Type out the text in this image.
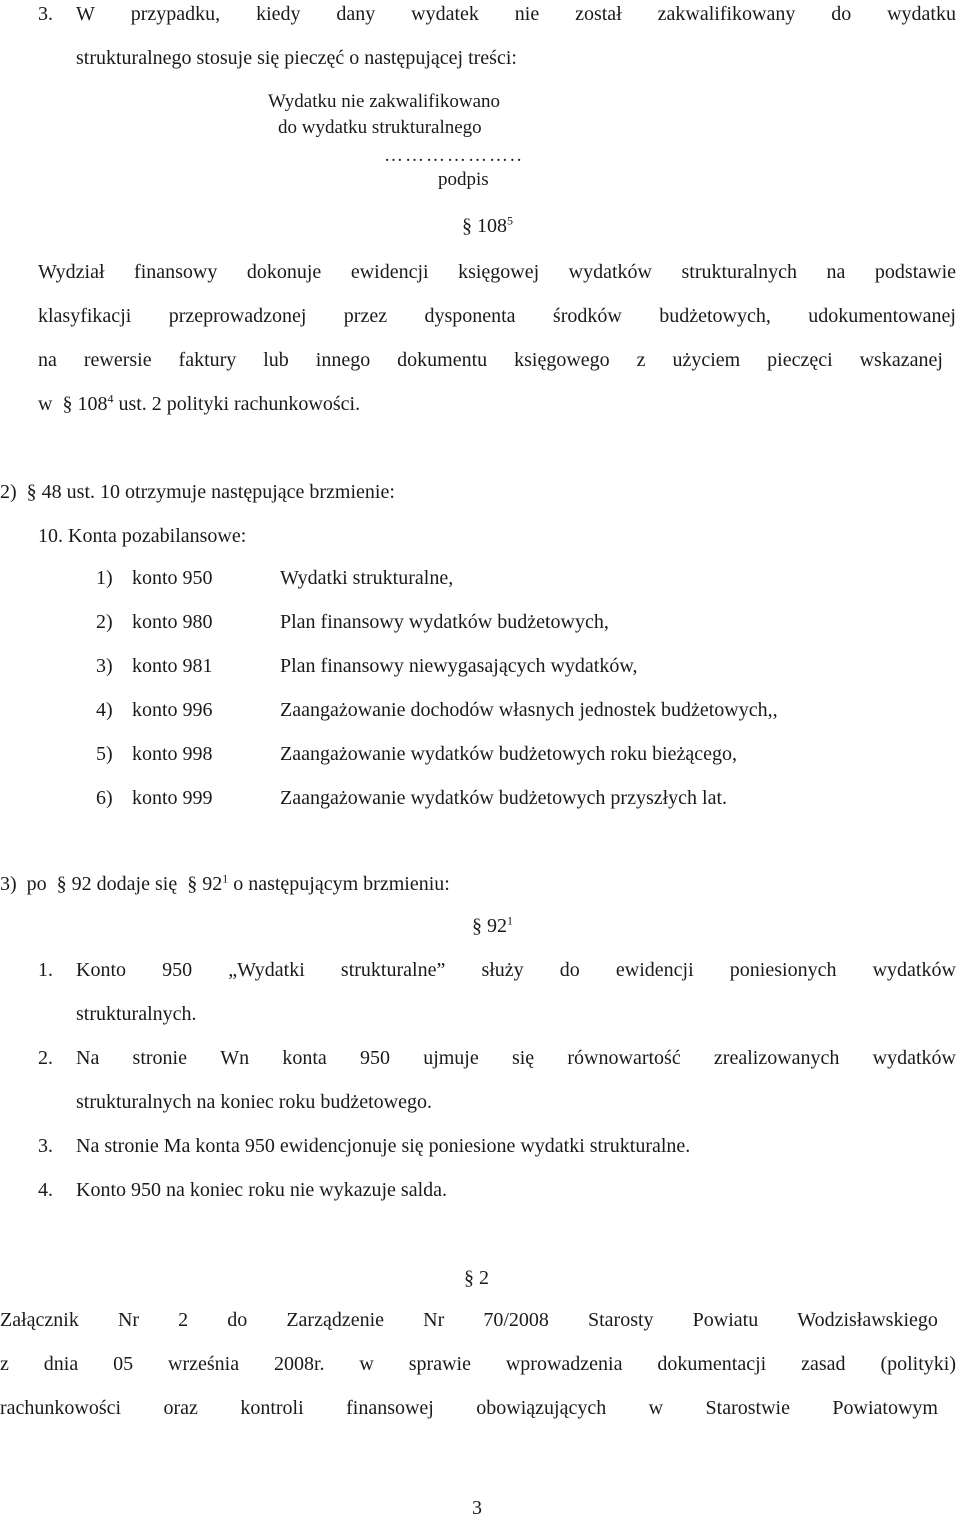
3. W przypadku, kiedy dany wydatek nie został zakwalifikowany do wydatku
strukturalnego stosuje się pieczęć o następującej treści:
Wydatku nie zakwalifikowano
do wydatku strukturalnego
………………..
podpis
§ $108^5$
Wydział finansowy dokonuje ewidencji księgowej wydatków strukturalnych na podstawie
klasyfikacji przeprowadzonej przez dysponenta środków budżetowych, udokumentowanej
na rewersie faktury lub innego dokumentu księgowego z użyciem pieczęci wskazanej
w § $108^4$ ust. 2 polityki rachunkowości.
2) § 48 ust. 10 otrzymuje następujące brzmienie:
10. Konta pozabilansowe:
1) konto 950	Wydatki strukturalne,
2) konto 980	Plan finansowy wydatków budżetowych,
3) konto 981	Plan finansowy niewygasających wydatków,
4) konto 996	Zaangażowanie dochodów własnych jednostek budżetowych,,
5) konto 998	Zaangażowanie wydatków budżetowych roku bieżącego,
6) konto 999	Zaangażowanie wydatków budżetowych przyszłych lat.
3) po § 92 dodaje się § $92^1$ o następującym brzmieniu:
§ $92^1$
1. Konto 950 „Wydatki strukturalne” służy do ewidencji poniesionych wydatków
strukturalnych.
2. Na stronie Wn konta 950 ujmuje się równowartość zrealizowanych wydatków
strukturalnych na koniec roku budżetowego.
3. Na stronie Ma konta 950 ewidencjonuje się poniesione wydatki strukturalne.
4. Konto 950 na koniec roku nie wykazuje salda.
§ 2
Załącznik Nr 2 do Zarządzenie Nr 70/2008 Starosty Powiatu Wodzisławskiego
z dnia 05 września 2008r. w sprawie wprowadzenia dokumentacji zasad (polityki)
rachunkowości oraz kontroli finansowej obowiązujących w Starostwie Powiatowym
3
